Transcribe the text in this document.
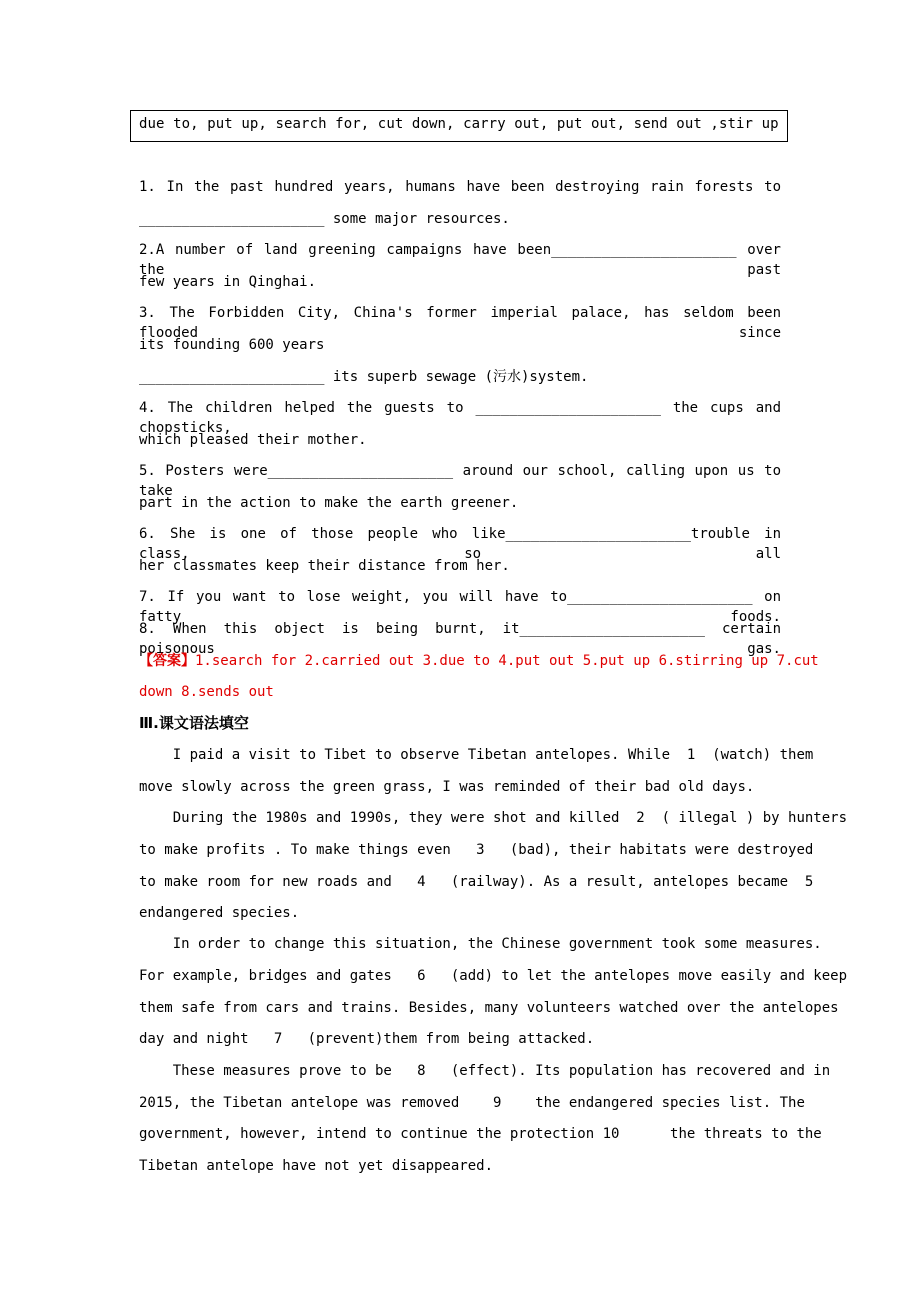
due to, put up, search for, cut down, carry out, put out, send out ,stir up
1. In the past hundred years, humans have been destroying rain forests to
______________________ some major resources.
2.A number of land greening campaigns have been______________________ over the past
few years in Qinghai.
3. The Forbidden City, China's former imperial palace, has seldom been flooded since
its founding 600 years
______________________ its superb sewage (污水)system.
4. The children helped the guests to ______________________ the cups and chopsticks,
which pleased their mother.
5. Posters were______________________ around our school, calling upon us to take
part in the action to make the earth greener.
6. She is one of those people who like______________________trouble in class, so all
her classmates keep their distance from her.
7. If you want to lose weight, you will have to______________________ on fatty foods.
8. When this object is being burnt, it______________________ certain poisonous gas.
【答案】1.search for 2.carried out 3.due to 4.put out 5.put up 6.stirring up 7.cut
down 8.sends out
Ⅲ.课文语法填空
I paid a visit to Tibet to observe Tibetan antelopes. While  1  (watch) them
move slowly across the green grass, I was reminded of their bad old days.
During the 1980s and 1990s, they were shot and killed  2  ( illegal ) by hunters
to make profits . To make things even   3   (bad), their habitats were destroyed
to make room for new roads and   4   (railway). As a result, antelopes became  5
endangered species.
In order to change this situation, the Chinese government took some measures.
For example, bridges and gates   6   (add) to let the antelopes move easily and keep
them safe from cars and trains. Besides, many volunteers watched over the antelopes
day and night   7   (prevent)them from being attacked.
These measures prove to be   8   (effect). Its population has recovered and in
2015, the Tibetan antelope was removed    9    the endangered species list. The
government, however, intend to continue the protection 10      the threats to the
Tibetan antelope have not yet disappeared.
